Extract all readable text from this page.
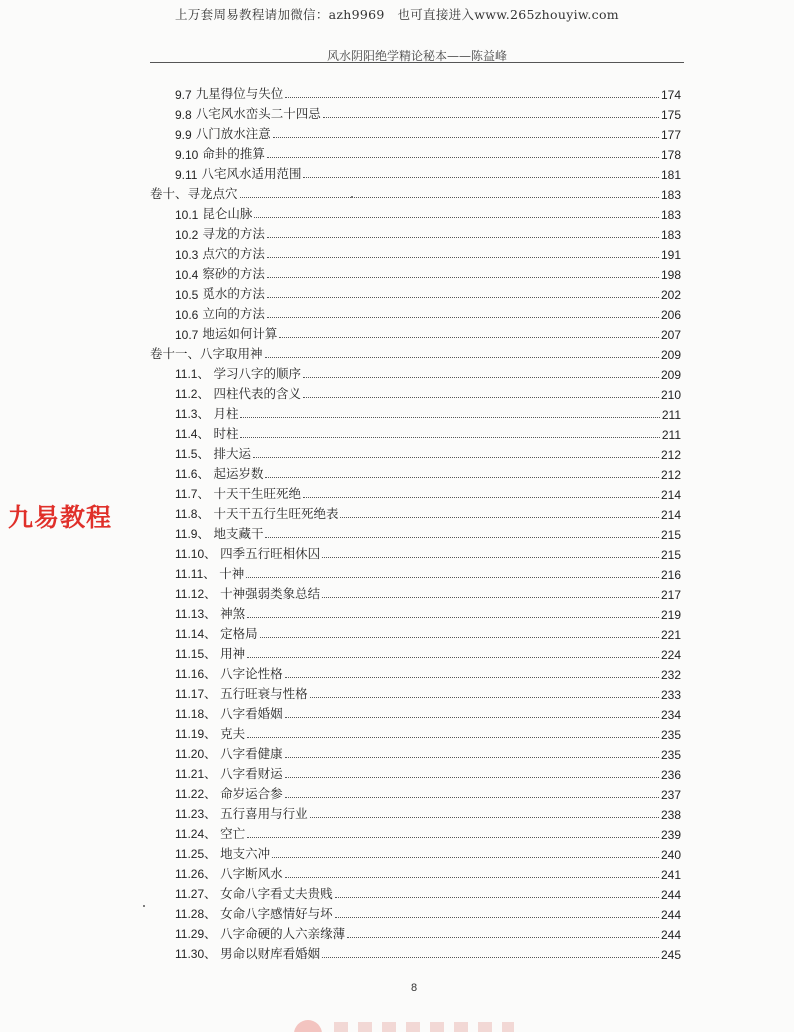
上万套周易教程请加微信：azh9969　也可直接进入www.265zhouyiw.com
风水阴阳绝学精论秘本——陈益峰
9.7 九星得位与失位	174
9.8 八宅风水峦头二十四忌	175
9.9 八门放水注意	177
9.10 命卦的推算	178
9.11 八宅风水适用范围	181
卷十、寻龙点穴	183
10.1 昆仑山脉	183
10.2 寻龙的方法	183
10.3 点穴的方法	191
10.4 察砂的方法	198
10.5 觅水的方法	202
10.6 立向的方法	206
10.7 地运如何计算	207
卷十一、八字取用神	209
11.1、 学习八字的顺序	209
11.2、 四柱代表的含义	210
11.3、 月柱	211
11.4、 时柱	211
11.5、 排大运	212
11.6、 起运岁数	212
11.7、 十天干生旺死绝	214
11.8、 十天干五行生旺死绝表	214
11.9、 地支藏干	215
11.10、 四季五行旺相休囚	215
11.11、 十神	216
11.12、 十神强弱类象总结	217
11.13、 神煞	219
11.14、 定格局	221
11.15、 用神	224
11.16、 八字论性格	232
11.17、 五行旺衰与性格	233
11.18、 八字看婚姻	234
11.19、 克夫	235
11.20、 八字看健康	235
11.21、 八字看财运	236
11.22、 命岁运合参	237
11.23、 五行喜用与行业	238
11.24、 空亡	239
11.25、 地支六冲	240
11.26、 八字断风水	241
11.27、 女命八字看丈夫贵贱	244
11.28、 女命八字感情好与坏	244
11.29、 八字命硬的人六亲缘薄	244
11.30、 男命以财库看婚姻	245
九易教程
8
